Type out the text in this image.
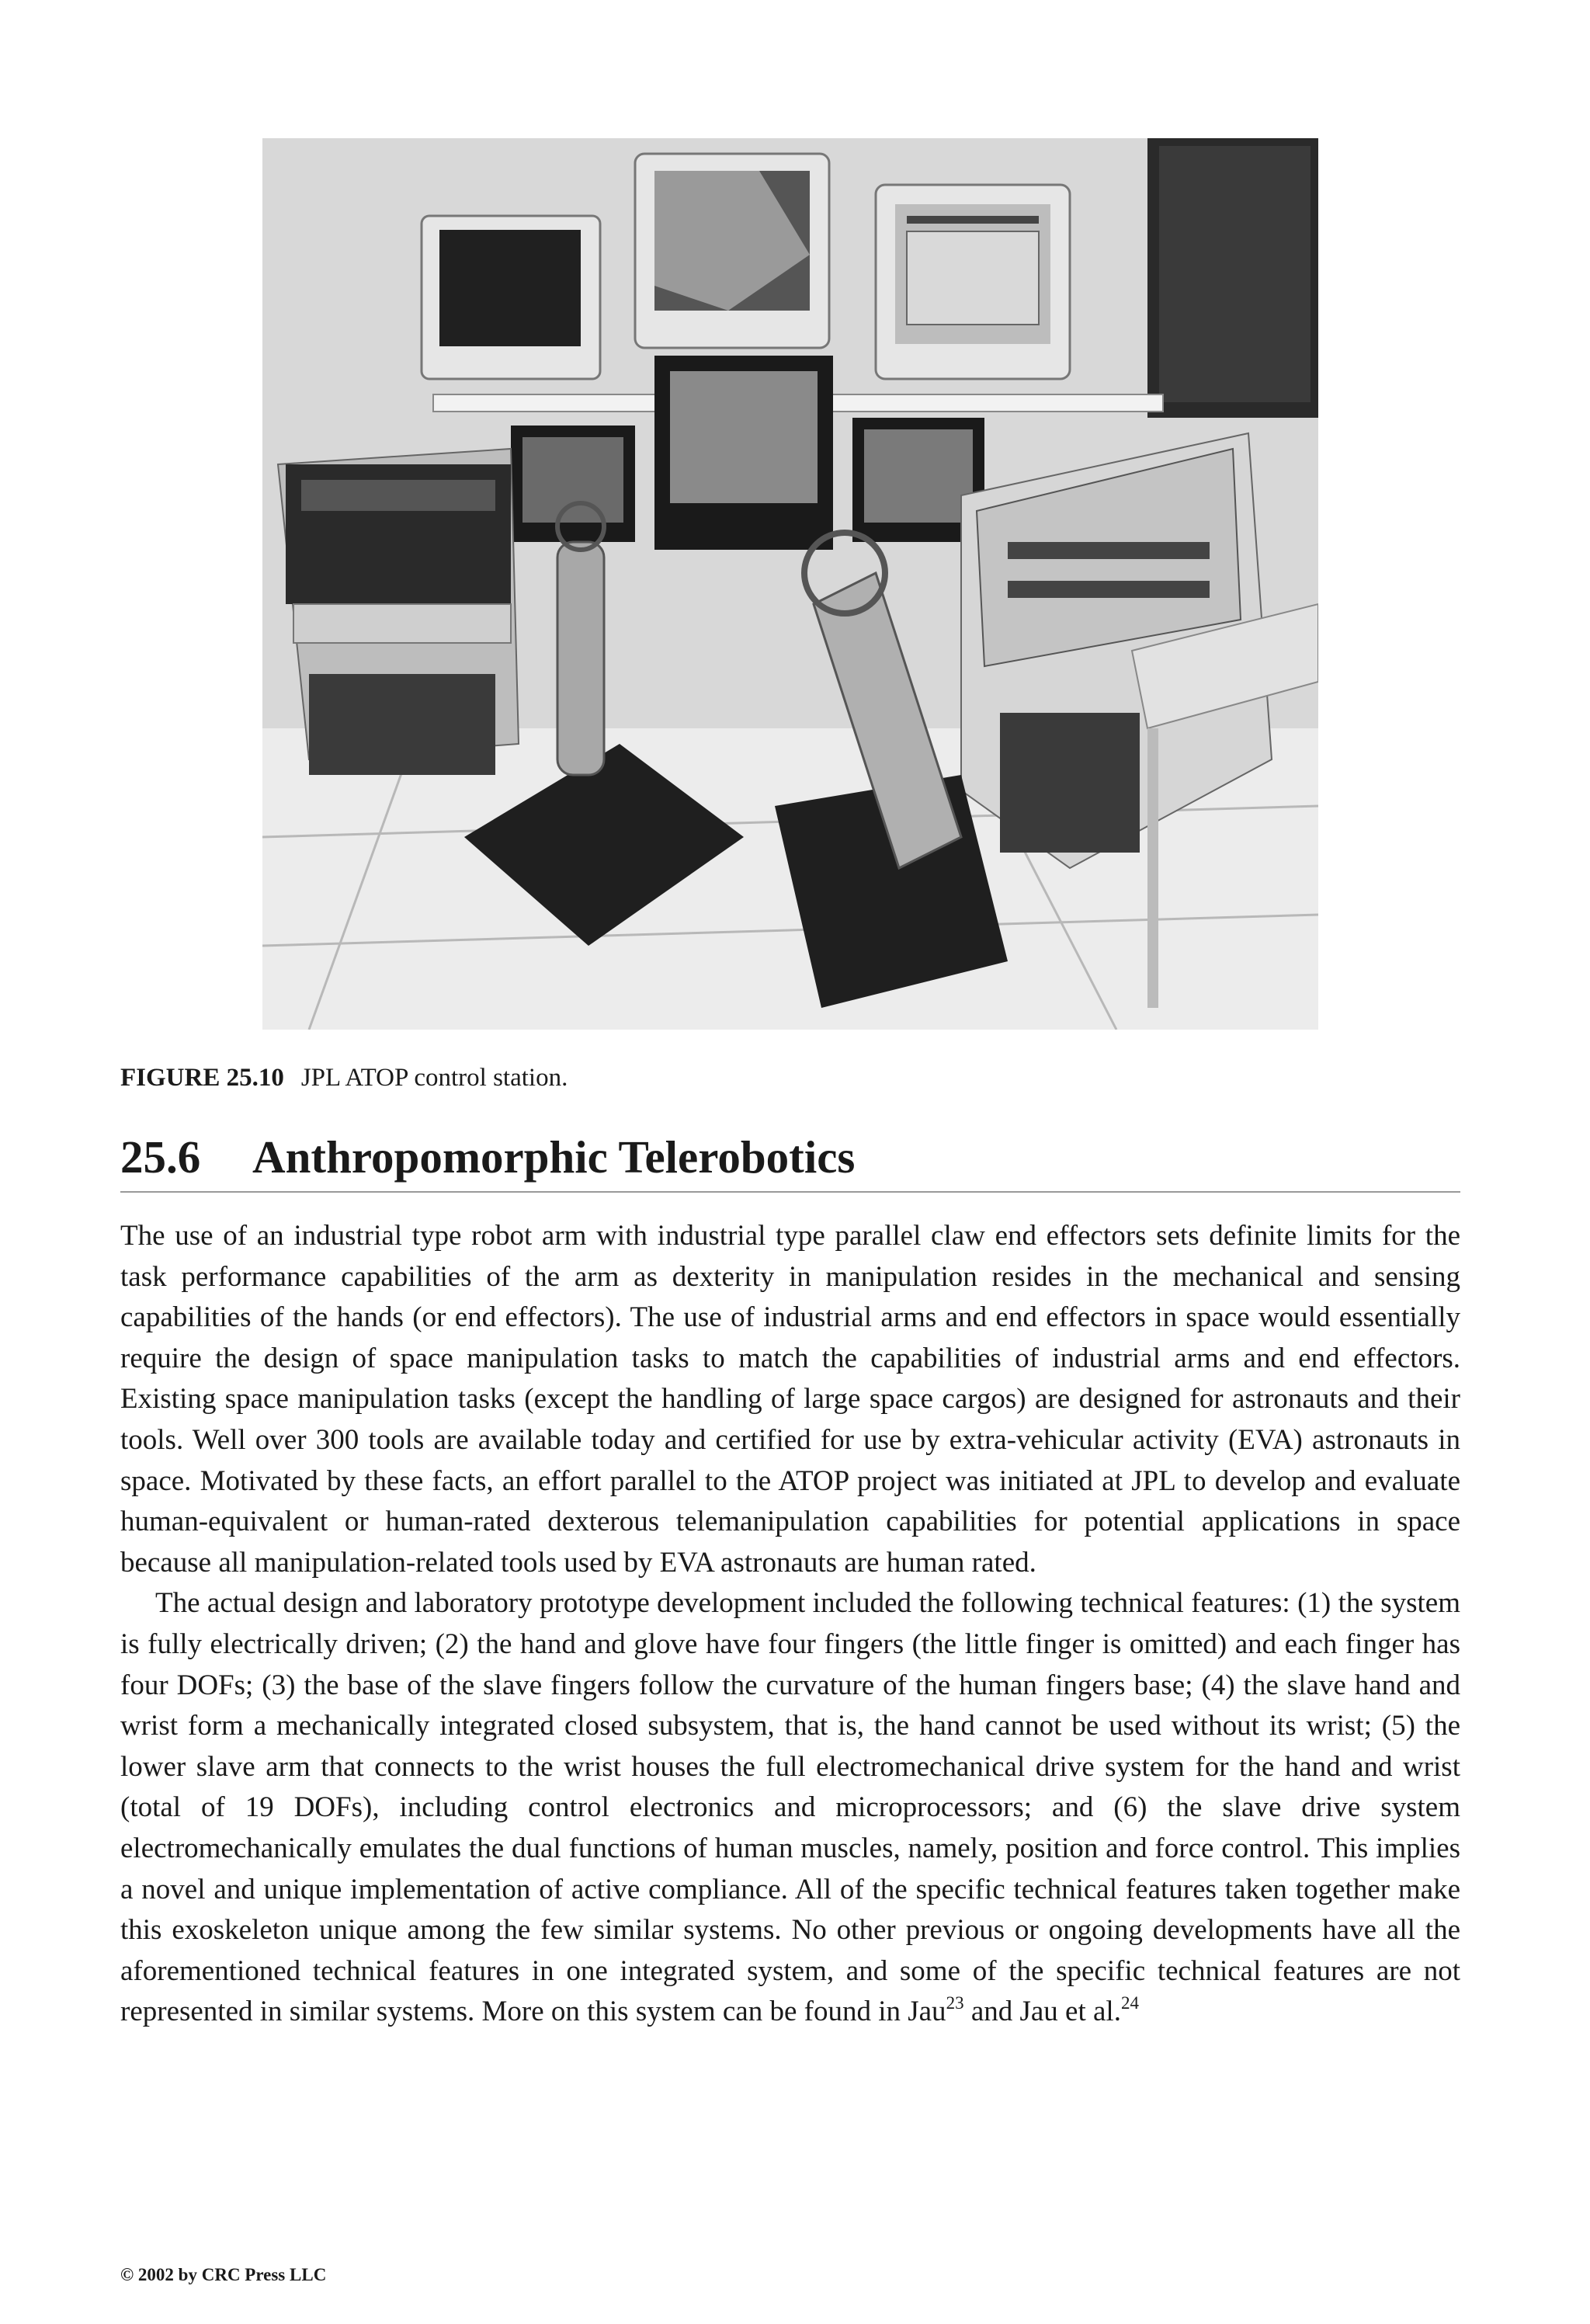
FIGURE 25.10 JPL ATOP control station.
25.6 Anthropomorphic Telerobotics

The use of an industrial type robot arm with industrial type parallel claw end effectors sets definite limits for the task performance capabilities of the arm as dexterity in manipulation resides in the mechanical and sensing capabilities of the hands (or end effectors). The use of industrial arms and end effectors in space would essentially require the design of space manipulation tasks to match the capabilities of industrial arms and end effectors. Existing space manipulation tasks (except the handling of large space cargos) are designed for astronauts and their tools. Well over 300 tools are available today and certified for use by extra-vehicular activity (EVA) astronauts in space. Motivated by these facts, an effort parallel to the ATOP project was initiated at JPL to develop and evaluate human-equivalent or human-rated dexterous telemanipulation capabilities for potential applications in space because all manipulation-related tools used by EVA astronauts are human rated.

The actual design and laboratory prototype development included the following technical features: (1) the system is fully electrically driven; (2) the hand and glove have four fingers (the little finger is omitted) and each finger has four DOFs; (3) the base of the slave fingers follow the curvature of the human fingers base; (4) the slave hand and wrist form a mechanically integrated closed subsystem, that is, the hand cannot be used without its wrist; (5) the lower slave arm that connects to the wrist houses the full electromechanical drive system for the hand and wrist (total of 19 DOFs), including control electronics and microprocessors; and (6) the slave drive system electromechanically emulates the dual functions of human muscles, namely, position and force control. This implies a novel and unique implementation of active compliance. All of the specific technical features taken together make this exoskeleton unique among the few similar systems. No other previous or ongoing developments have all the aforementioned technical features in one integrated system, and some of the specific technical features are not represented in similar systems. More on this system can be found in Jau$^{23}$ and Jau et al.$^{24}$

© 2002 by CRC Press LLC
